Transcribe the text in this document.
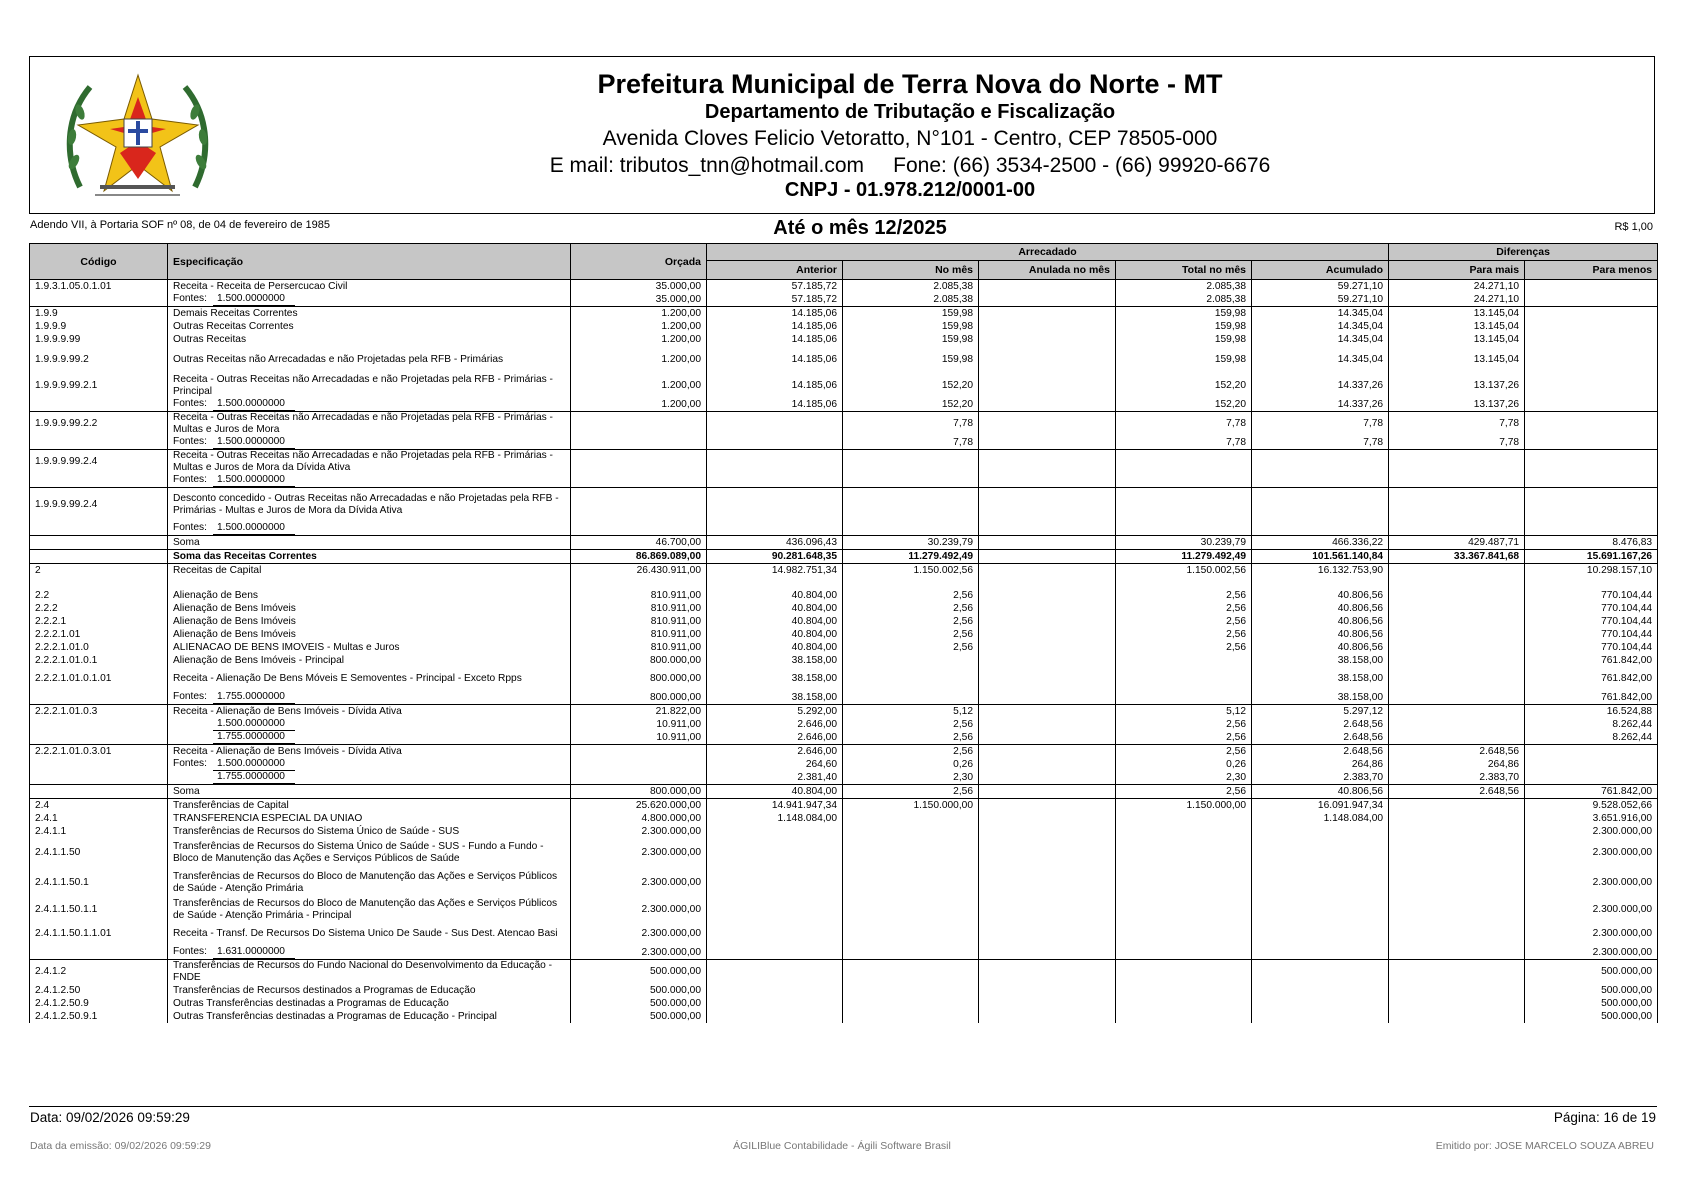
Prefeitura Municipal de Terra Nova do Norte - MT
Departamento de Tributação e Fiscalização
Avenida Cloves Felicio Vetoratto, N°101 - Centro, CEP 78505-000
E mail: tributos_tnn@hotmail.com     Fone: (66) 3534-2500 - (66) 99920-6676
CNPJ - 01.978.212/0001-00
Adendo VII, à Portaria SOF nº 08, de 04 de fevereiro de 1985	Até o mês 12/2025	R$ 1,00
Código	Especificação	Orçada	Arrecadado					Diferenças	
			Anterior	No mês	Anulada no mês	Total no mês	Acumulado	Para mais	Para menos
1.9.3.1.05.0.1.01	Receita - Receita de Persercucao Civil	35.000,00	57.185,72	2.085,38		2.085,38	59.271,10	24.271,10	
	Fontes: 1.500.0000000	35.000,00	57.185,72	2.085,38		2.085,38	59.271,10	24.271,10	
1.9.9	Demais Receitas Correntes	1.200,00	14.185,06	159,98		159,98	14.345,04	13.145,04	
1.9.9.9	Outras Receitas Correntes	1.200,00	14.185,06	159,98		159,98	14.345,04	13.145,04	
1.9.9.9.99	Outras Receitas	1.200,00	14.185,06	159,98		159,98	14.345,04	13.145,04	
1.9.9.9.99.2	Outras Receitas não Arrecadadas e não Projetadas pela RFB - Primárias	1.200,00	14.185,06	159,98		159,98	14.345,04	13.145,04	
1.9.9.9.99.2.1	Receita - Outras Receitas não Arrecadadas e não Projetadas pela RFB - Primárias - Principal	1.200,00	14.185,06	152,20		152,20	14.337,26	13.137,26	
	Fontes: 1.500.0000000	1.200,00	14.185,06	152,20		152,20	14.337,26	13.137,26	
1.9.9.9.99.2.2	Receita - Outras Receitas não Arrecadadas e não Projetadas pela RFB - Primárias - Multas e Juros de Mora			7,78		7,78	7,78	7,78	
	Fontes: 1.500.0000000			7,78		7,78	7,78	7,78	
1.9.9.9.99.2.4	Receita - Outras Receitas não Arrecadadas e não Projetadas pela RFB - Primárias - Multas e Juros de Mora da Dívida Ativa								
	Fontes: 1.500.0000000								
1.9.9.9.99.2.4	Desconto concedido - Outras Receitas não Arrecadadas e não Projetadas pela RFB - Primárias - Multas e Juros de Mora da Dívida Ativa								
	Fontes: 1.500.0000000								
	Soma	46.700,00	436.096,43	30.239,79		30.239,79	466.336,22	429.487,71	8.476,83
	Soma das Receitas Correntes	86.869.089,00	90.281.648,35	11.279.492,49		11.279.492,49	101.561.140,84	33.367.841,68	15.691.167,26
2	Receitas de Capital	26.430.911,00	14.982.751,34	1.150.002,56		1.150.002,56	16.132.753,90		10.298.157,10

2.2	Alienação de Bens	810.911,00	40.804,00	2,56		2,56	40.806,56		770.104,44
2.2.2	Alienação de Bens Imóveis	810.911,00	40.804,00	2,56		2,56	40.806,56		770.104,44
2.2.2.1	Alienação de Bens Imóveis	810.911,00	40.804,00	2,56		2,56	40.806,56		770.104,44
2.2.2.1.01	Alienação de Bens Imóveis	810.911,00	40.804,00	2,56		2,56	40.806,56		770.104,44
2.2.2.1.01.0	ALIENACAO DE BENS IMOVEIS - Multas e Juros	810.911,00	40.804,00	2,56		2,56	40.806,56		770.104,44
2.2.2.1.01.0.1	Alienação de Bens Imóveis - Principal	800.000,00	38.158,00				38.158,00		761.842,00
2.2.2.1.01.0.1.01	Receita - Alienação De Bens Móveis E Semoventes - Principal - Exceto Rpps	800.000,00	38.158,00				38.158,00		761.842,00
	Fontes: 1.755.0000000	800.000,00	38.158,00				38.158,00		761.842,00
2.2.2.1.01.0.3	Receita - Alienação de Bens Imóveis - Dívida Ativa	21.822,00	5.292,00	5,12		5,12	5.297,12		16.524,88
	1.500.0000000	10.911,00	2.646,00	2,56		2,56	2.648,56		8.262,44
	1.755.0000000	10.911,00	2.646,00	2,56		2,56	2.648,56		8.262,44
2.2.2.1.01.0.3.01	Receita - Alienação de Bens Imóveis - Dívida Ativa		2.646,00	2,56		2,56	2.648,56	2.648,56	
	Fontes: 1.500.0000000		264,60	0,26		0,26	264,86	264,86	
	1.755.0000000		2.381,40	2,30		2,30	2.383,70	2.383,70	
	Soma	800.000,00	40.804,00	2,56		2,56	40.806,56	2.648,56	761.842,00
2.4	Transferências de Capital	25.620.000,00	14.941.947,34	1.150.000,00		1.150.000,00	16.091.947,34		9.528.052,66
2.4.1	TRANSFERENCIA ESPECIAL DA UNIAO	4.800.000,00	1.148.084,00				1.148.084,00		3.651.916,00
2.4.1.1	Transferências de Recursos do Sistema Único de Saúde - SUS	2.300.000,00							2.300.000,00
2.4.1.1.50	Transferências de Recursos do Sistema Único de Saúde - SUS - Fundo a Fundo - Bloco de Manutenção das Ações e Serviços Públicos de Saúde	2.300.000,00							2.300.000,00
2.4.1.1.50.1	Transferências de Recursos do Bloco de Manutenção das Ações e Serviços Públicos de Saúde - Atenção Primária	2.300.000,00							2.300.000,00
2.4.1.1.50.1.1	Transferências de Recursos do Bloco de Manutenção das Ações e Serviços Públicos de Saúde - Atenção Primária - Principal	2.300.000,00							2.300.000,00
2.4.1.1.50.1.1.01	Receita - Transf. De Recursos Do Sistema Unico De Saude - Sus Dest. Atencao Basi	2.300.000,00							2.300.000,00
	Fontes: 1.631.0000000	2.300.000,00							2.300.000,00
2.4.1.2	Transferências de Recursos do Fundo Nacional do Desenvolvimento da Educação - FNDE	500.000,00							500.000,00
2.4.1.2.50	Transferências de Recursos destinados a Programas de Educação	500.000,00							500.000,00
2.4.1.2.50.9	Outras Transferências destinadas a Programas de Educação	500.000,00							500.000,00
2.4.1.2.50.9.1	Outras Transferências destinadas a Programas de Educação - Principal	500.000,00							500.000,00
Data: 09/02/2026 09:59:29	Página: 16 de 19
Data da emissão: 09/02/2026 09:59:29	ÁGILIBlue Contabilidade - Ágili Software Brasil	Emitido por: JOSE MARCELO SOUZA ABREU
